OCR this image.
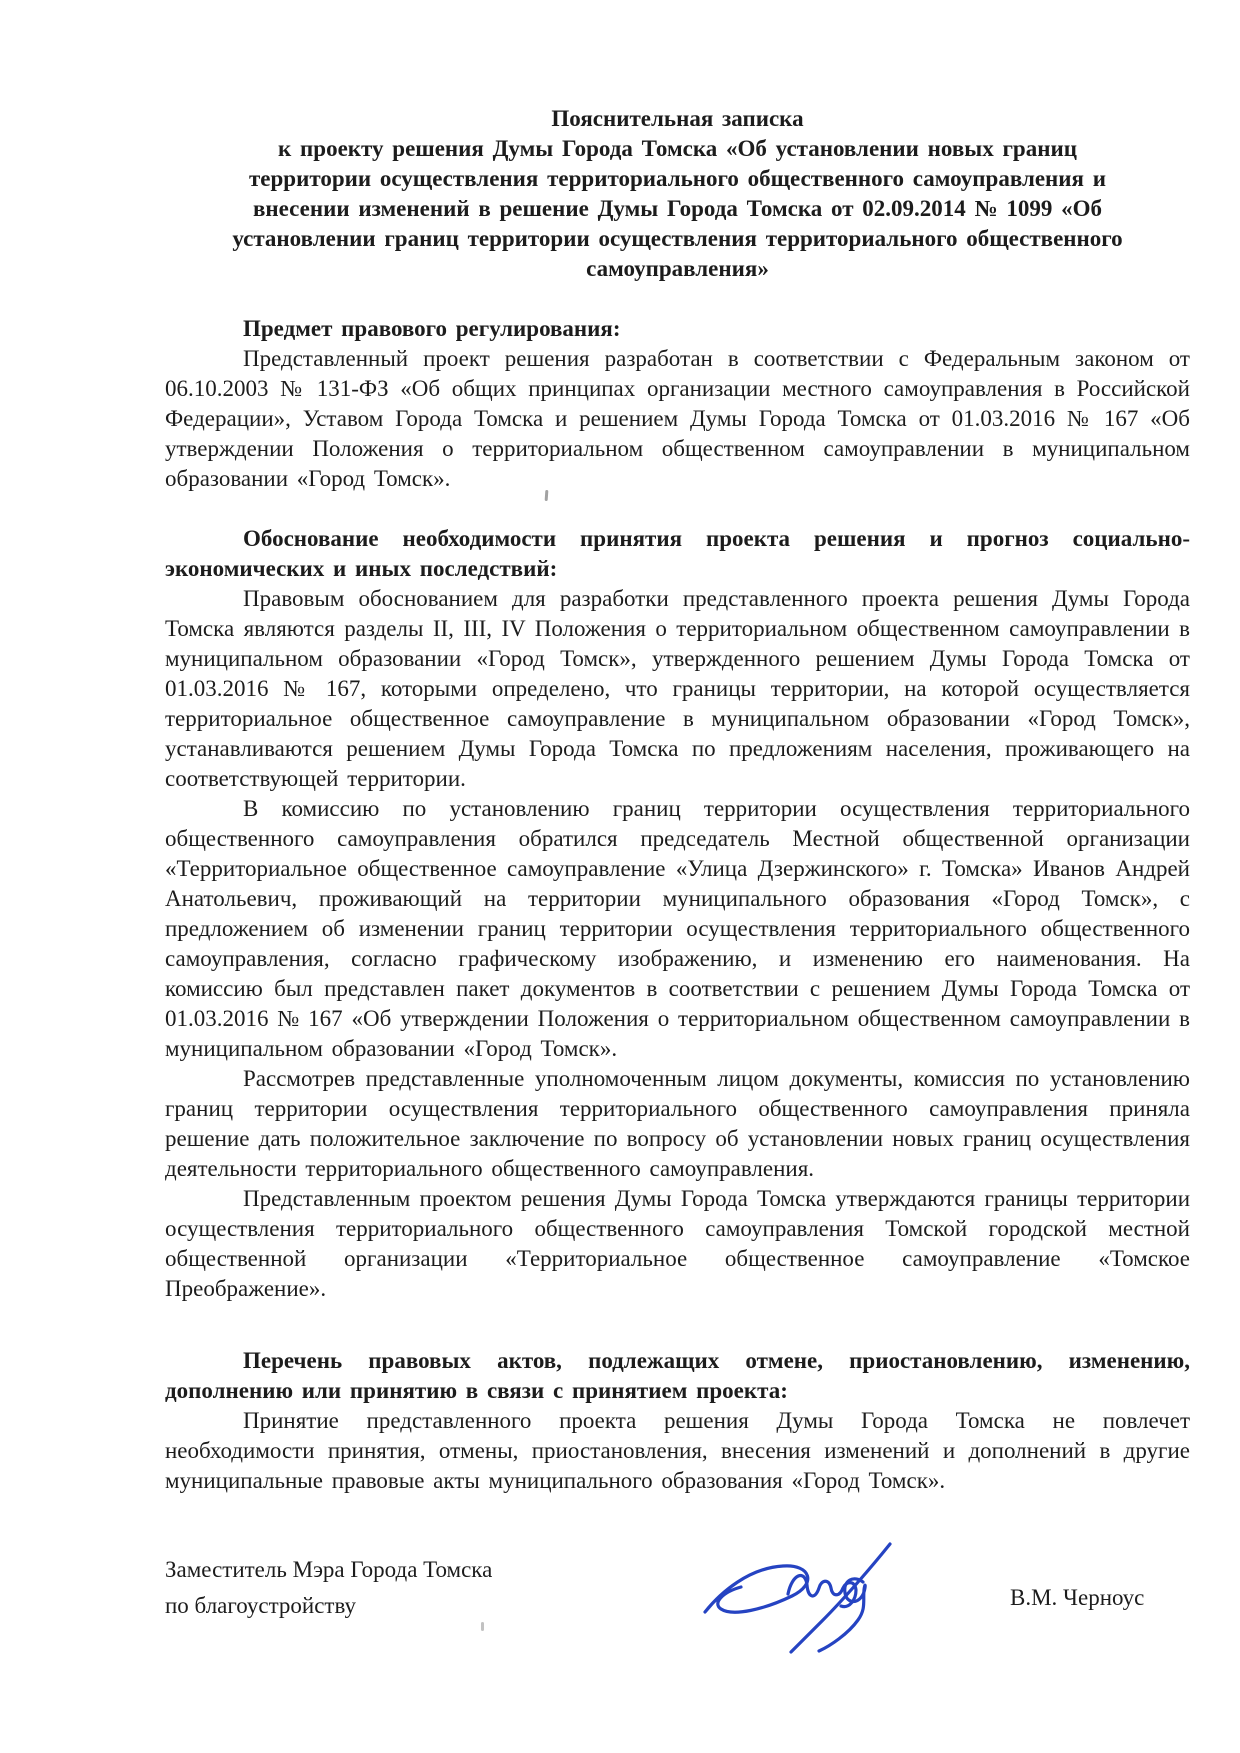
Пояснительная записка
к проекту решения Думы Города Томска «Об установлении новых границ
территории осуществления территориального общественного самоуправления и
внесении изменений в решение Думы Города Томска от 02.09.2014 № 1099 «Об
установлении границ территории осуществления территориального общественного
самоуправления»

Предмет правового регулирования:

Представленный проект решения разработан в соответствии с Федеральным законом от 06.10.2003 № 131-ФЗ «Об общих принципах организации местного самоуправления в Российской Федерации», Уставом Города Томска и решением Думы Города Томска от 01.03.2016 № 167 «Об утверждении Положения о территориальном общественном самоуправлении в муниципальном образовании «Город Томск».

Обоснование необходимости принятия проекта решения и прогноз социально-экономических и иных последствий:

Правовым обоснованием для разработки представленного проекта решения Думы Города Томска являются разделы II, III, IV Положения о территориальном общественном самоуправлении в муниципальном образовании «Город Томск», утвержденного решением Думы Города Томска от 01.03.2016 № 167, которыми определено, что границы территории, на которой осуществляется территориальное общественное самоуправление в муниципальном образовании «Город Томск», устанавливаются решением Думы Города Томска по предложениям населения, проживающего на соответствующей территории.

В комиссию по установлению границ территории осуществления территориального общественного самоуправления обратился председатель Местной общественной организации «Территориальное общественное самоуправление «Улица Дзержинского» г. Томска» Иванов Андрей Анатольевич, проживающий на территории муниципального образования «Город Томск», с предложением об изменении границ территории осуществления территориального общественного самоуправления, согласно графическому изображению, и изменению его наименования. На комиссию был представлен пакет документов в соответствии с решением Думы Города Томска от 01.03.2016 № 167 «Об утверждении Положения о территориальном общественном самоуправлении в муниципальном образовании «Город Томск».

Рассмотрев представленные уполномоченным лицом документы, комиссия по установлению границ территории осуществления территориального общественного самоуправления приняла решение дать положительное заключение по вопросу об установлении новых границ осуществления деятельности территориального общественного самоуправления.

Представленным проектом решения Думы Города Томска утверждаются границы территории осуществления территориального общественного самоуправления Томской городской местной общественной организации «Территориальное общественное самоуправление «Томское Преображение».

Перечень правовых актов, подлежащих отмене, приостановлению, изменению, дополнению или принятию в связи с принятием проекта:

Принятие представленного проекта решения Думы Города Томска не повлечет необходимости принятия, отмены, приостановления, внесения изменений и дополнений в другие муниципальные правовые акты муниципального образования «Город Томск».

Заместитель Мэра Города Томска
по благоустройству	В.М. Черноус
